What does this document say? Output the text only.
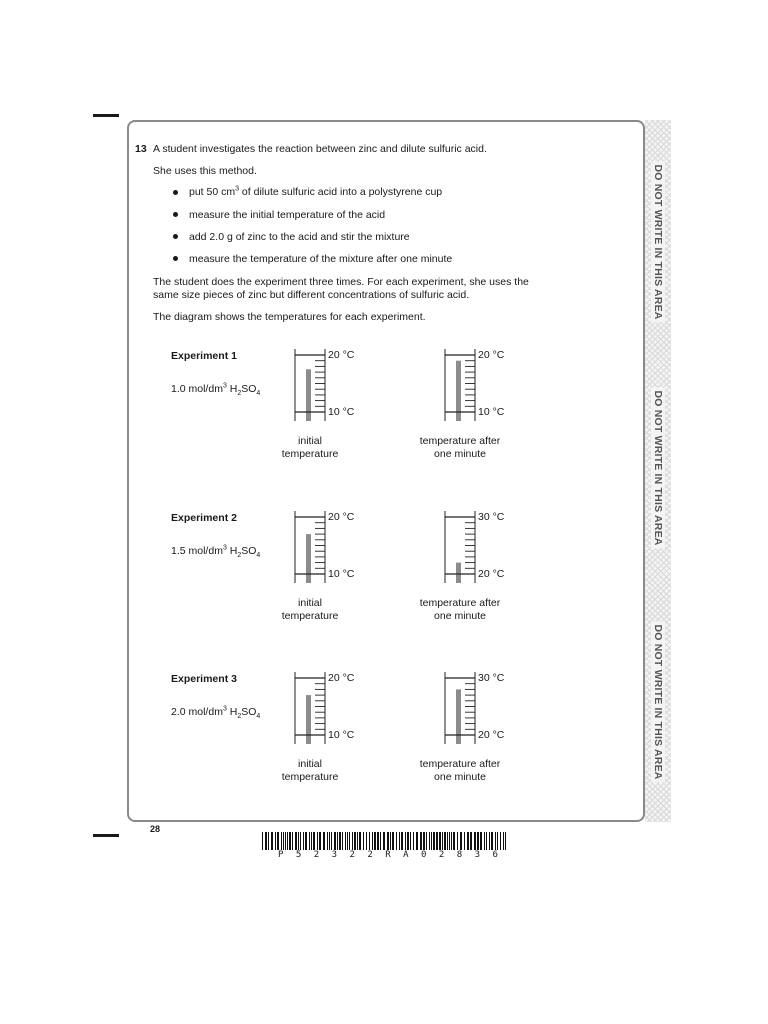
DO NOT WRITE IN THIS AREA
DO NOT WRITE IN THIS AREA
DO NOT WRITE IN THIS AREA
13 A student investigates the reaction between zinc and dilute sulfuric acid.
She uses this method.
put 50 $cm^3$ of dilute sulfuric acid into a polystyrene cup
measure the initial temperature of the acid
add 2.0 g of zinc to the acid and stir the mixture
measure the temperature of the mixture after one minute
The student does the experiment three times. For each experiment, she uses the
same size pieces of zinc but different concentrations of sulfuric acid.
The diagram shows the temperatures for each experiment.
Experiment 1
1.0 mol/$dm^3$ $H_2SO_4$
20 °C
10 °C
20 °C
10 °C
initial
temperature
temperature after
one minute
Experiment 2
1.5 mol/$dm^3$ $H_2SO_4$
20 °C
10 °C
30 °C
20 °C
initial
temperature
temperature after
one minute
Experiment 3
2.0 mol/$dm^3$ $H_2SO_4$
20 °C
10 °C
30 °C
20 °C
initial
temperature
temperature after
one minute
28
P 5 2 3 2 2 R A 0 2 8 3 6
